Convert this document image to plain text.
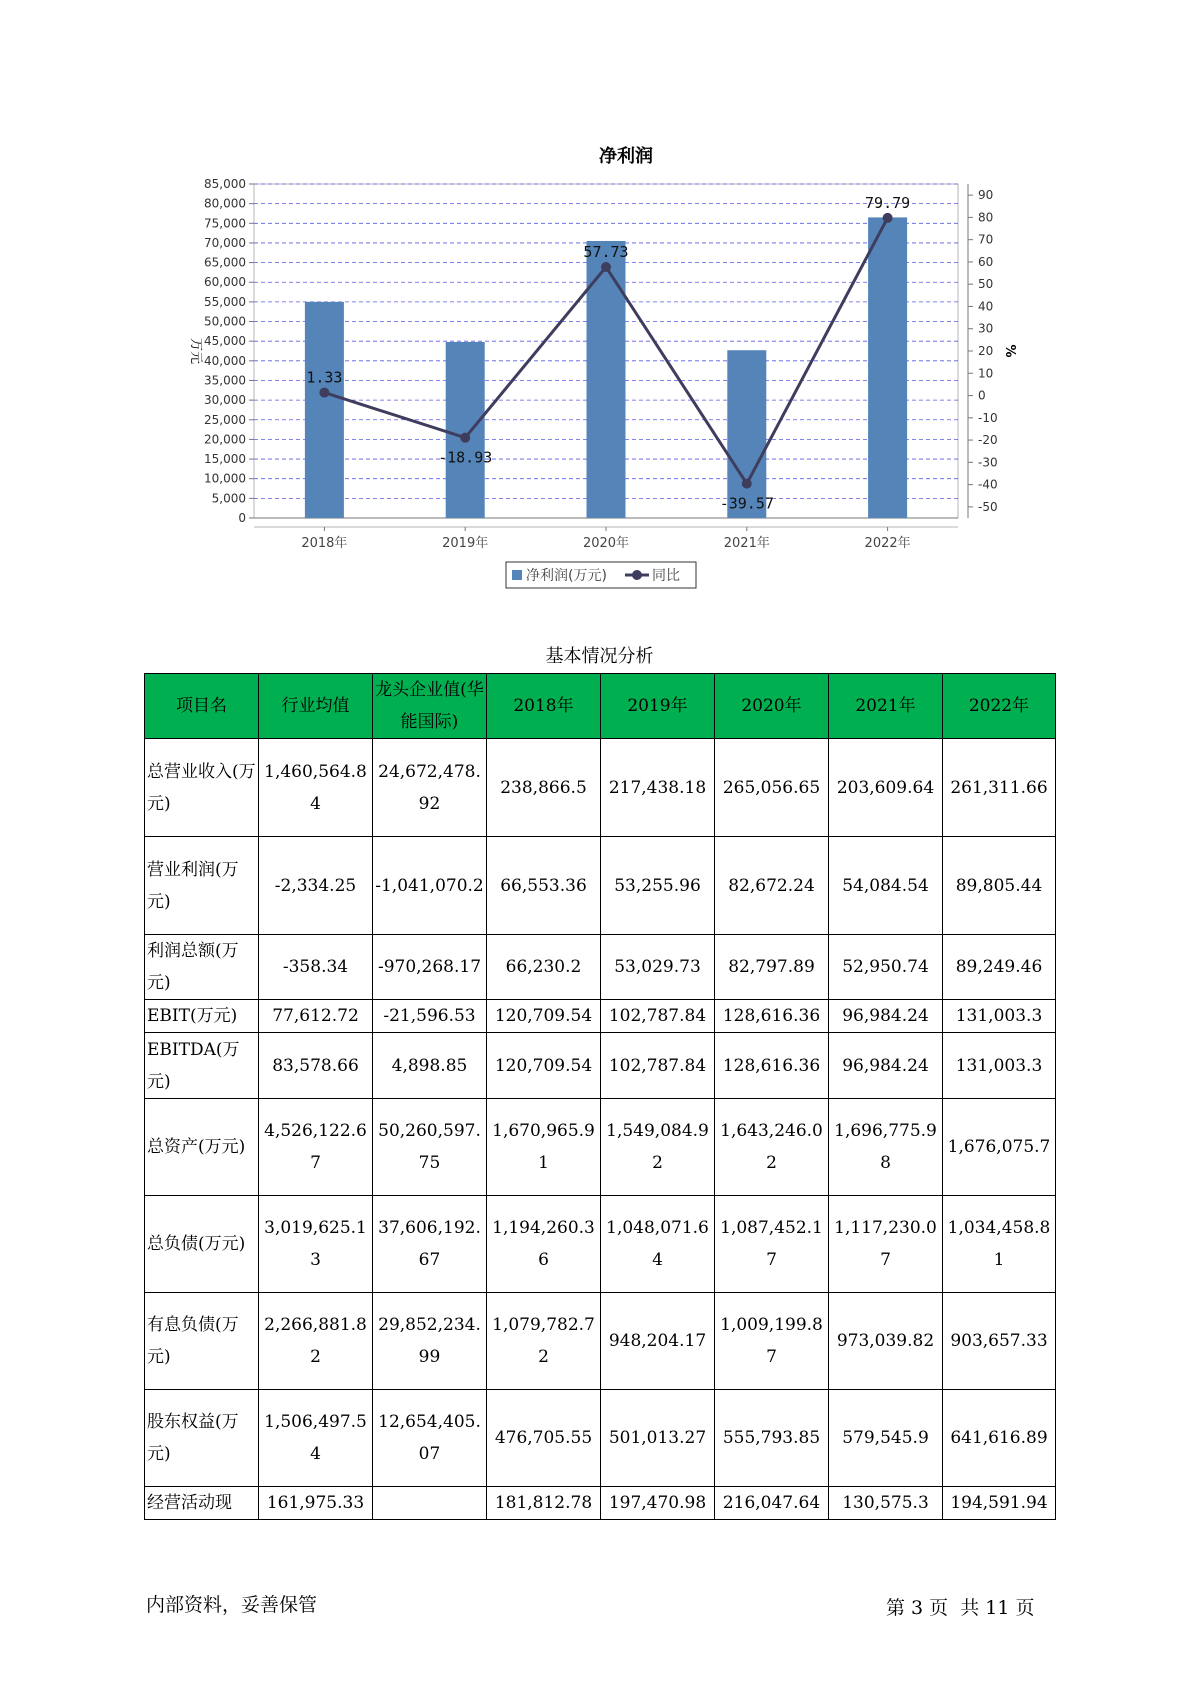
净利润
0
5,000
10,000
15,000
20,000
25,000
30,000
35,000
40,000
45,000
50,000
55,000
60,000
65,000
70,000
75,000
80,000
85,000
-50
-40
-30
-20
-10
0
10
20
30
40
50
60
70
80
90
万元	%
2018年	2019年	2020年	2021年	2022年
1.33
-18.93
57.73
-39.57
79.79
净利润(万元)	同比
基本情况分析
项目名	行业均值	龙头企业值(华能国际)	2018年	2019年	2020年	2021年	2022年
总营业收入(万元)	1,460,564.84	24,672,478.92	238,866.5	217,438.18	265,056.65	203,609.64	261,311.66
营业利润(万元)	-2,334.25	-1,041,070.2	66,553.36	53,255.96	82,672.24	54,084.54	89,805.44
利润总额(万元)	-358.34	-970,268.17	66,230.2	53,029.73	82,797.89	52,950.74	89,249.46
EBIT(万元)	77,612.72	-21,596.53	120,709.54	102,787.84	128,616.36	96,984.24	131,003.3
EBITDA(万元)	83,578.66	4,898.85	120,709.54	102,787.84	128,616.36	96,984.24	131,003.3
总资产(万元)	4,526,122.67	50,260,597.75	1,670,965.91	1,549,084.92	1,643,246.02	1,696,775.98	1,676,075.7
总负债(万元)	3,019,625.13	37,606,192.67	1,194,260.36	1,048,071.64	1,087,452.17	1,117,230.07	1,034,458.81
有息负债(万元)	2,266,881.82	29,852,234.99	1,079,782.72	948,204.17	1,009,199.87	973,039.82	903,657.33
股东权益(万元)	1,506,497.54	12,654,405.07	476,705.55	501,013.27	555,793.85	579,545.9	641,616.89
经营活动现	161,975.33		181,812.78	197,470.98	216,047.64	130,575.3	194,591.94
内部资料，妥善保管	第 3 页  共 11 页
